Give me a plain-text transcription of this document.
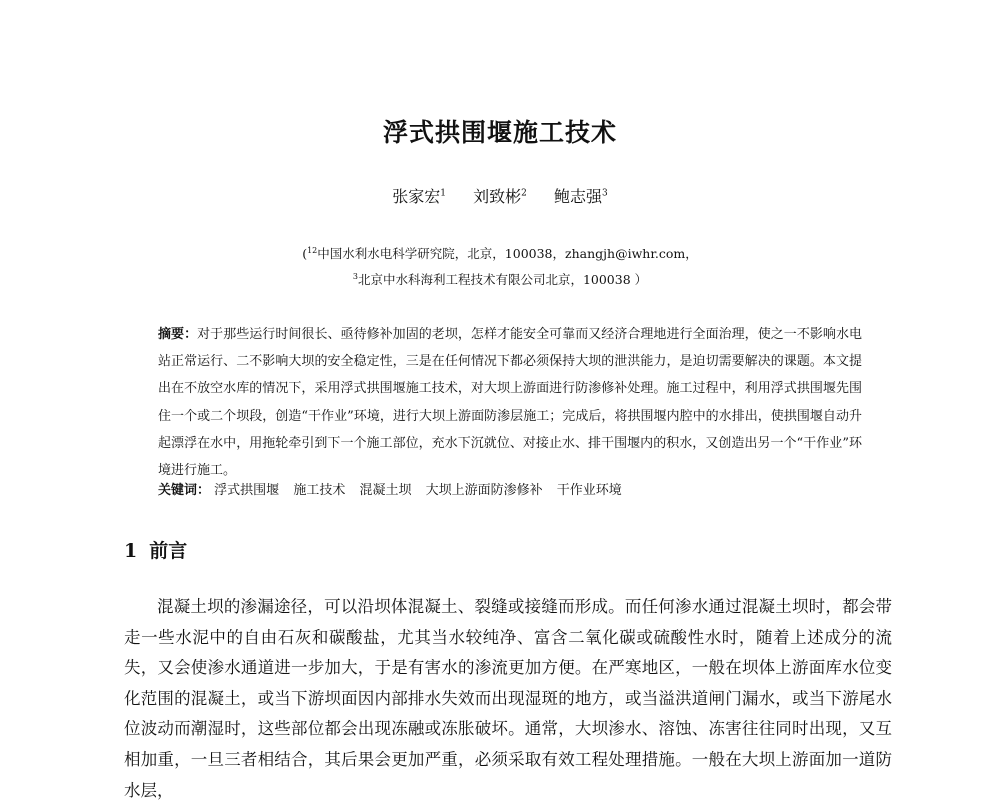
浮式拱围堰施工技术
张家宏$^1$ 刘致彬$^2$ 鲍志强$^3$
($^{12}$中国水利水电科学研究院，北京，100038，zhangjh@iwhr.com，
$^3$北京中水科海利工程技术有限公司北京，100038 ）
摘要：对于那些运行时间很长、亟待修补加固的老坝，怎样才能安全可靠而又经济合理地进行全面治理，使之一不影响水电站正常运行、二不影响大坝的安全稳定性，三是在任何情况下都必须保持大坝的泄洪能力，是迫切需要解决的课题。本文提出在不放空水库的情况下，采用浮式拱围堰施工技术，对大坝上游面进行防渗修补处理。施工过程中，利用浮式拱围堰先围住一个或二个坝段，创造“干作业”环境，进行大坝上游面防渗层施工；完成后，将拱围堰内腔中的水排出，使拱围堰自动升起漂浮在水中，用拖轮牵引到下一个施工部位，充水下沉就位、对接止水、排干围堰内的积水，又创造出另一个“干作业”环境进行施工。
关键词： 浮式拱围堰 施工技术 混凝土坝 大坝上游面防渗修补 干作业环境
1 前言
混凝土坝的渗漏途径，可以沿坝体混凝土、裂缝或接缝而形成。而任何渗水通过混凝土坝时，都会带走一些水泥中的自由石灰和碳酸盐，尤其当水较纯净、富含二氧化碳或硫酸性水时，随着上述成分的流失，又会使渗水通道进一步加大，于是有害水的渗流更加方便。在严寒地区，一般在坝体上游面库水位变化范围的混凝土，或当下游坝面因内部排水失效而出现湿斑的地方，或当溢洪道闸门漏水，或当下游尾水位波动而潮湿时，这些部位都会出现冻融或冻胀破坏。通常，大坝渗水、溶蚀、冻害往往同时出现，又互相加重，一旦三者相结合，其后果会更加严重，必须采取有效工程处理措施。一般在大坝上游面加一道防水层，
